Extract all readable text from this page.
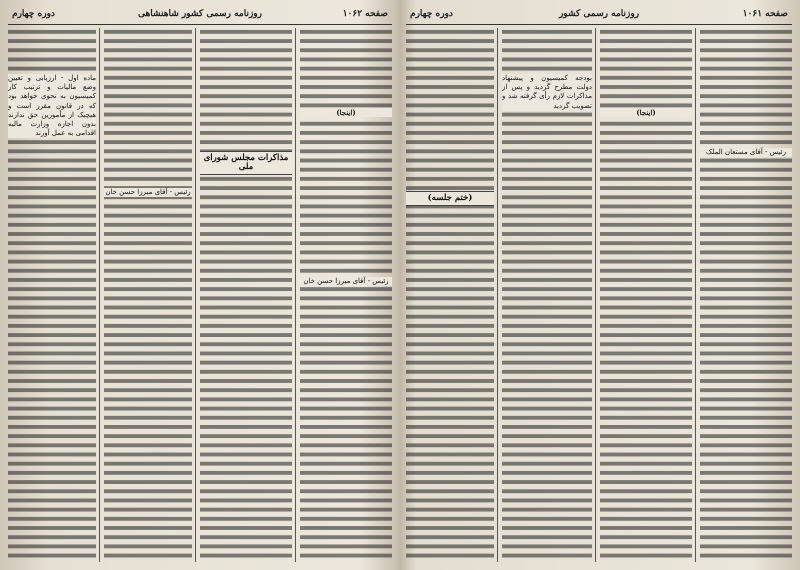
صفحه ۱۰۶۲
روزنامه رسمی کشور شاهنشاهی
دوره چهارم
(اینجا)
رئیس - آقای میرزا حسن خان
مذاکرات مجلس شورای ملی
رئیس - آقای میرزا حسن خان
ماده اول - ارزیابی و تعیین وضع مالیات و ترتیب کار کمیسیون به نحوی خواهد بود که در قانون مقرر است و هیچیک از مأمورین حق ندارند بدون اجازه وزارت مالیه اقدامی به عمل آورند
صفحه ۱۰۶۱
روزنامه رسمی کشور
دوره چهارم
رئیس - آقای مستعان الملک
(اینجا)
بودجه کمیسیون و پیشنهاد دولت مطرح گردید و پس از مذاکرات لازم رأی گرفته شد و تصویب گردید
(ختم جلسه)
